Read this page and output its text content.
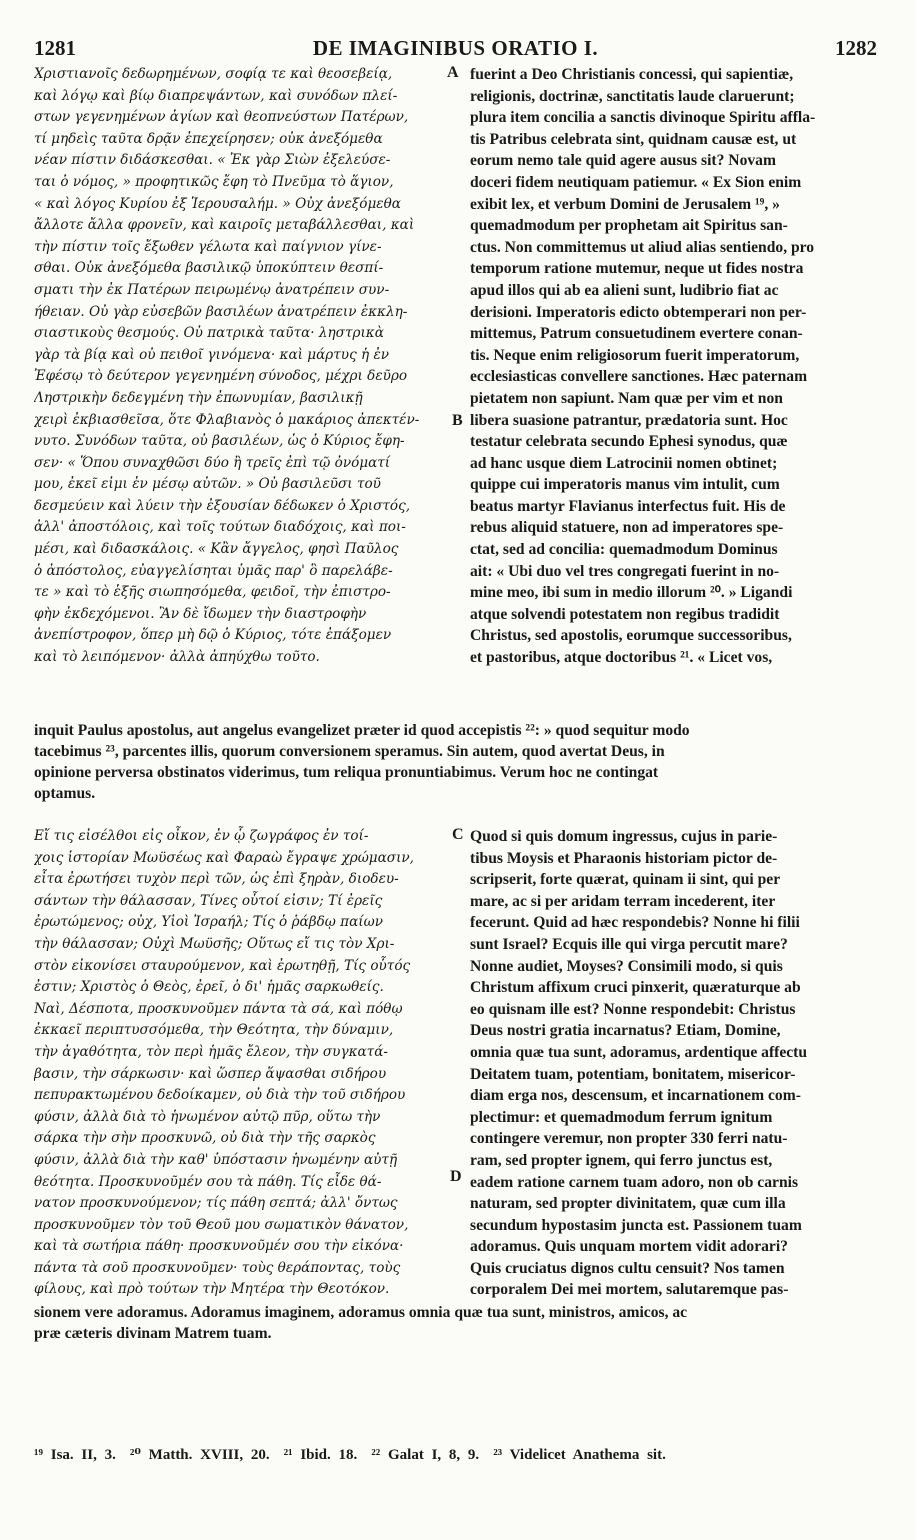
1281	DE IMAGINIBUS ORATIO I.	1282
Χριστιανοῖς δεδωρημένων, σοφίᾳ τε καὶ θεοσεβείᾳ,
καὶ λόγῳ καὶ βίῳ διαπρεψάντων, καὶ συνόδων πλεί-
στων γεγενημένων ἁγίων καὶ θεοπνεύστων Πατέρων,
τί μηδεὶς ταῦτα δρᾷν ἐπεχείρησεν; οὐκ ἀνεξόμεθα
νέαν πίστιν διδάσκεσθαι. « Ἐκ γὰρ Σιὼν ἐξελεύσε-
ται ὁ νόμος, » προφητικῶς ἔφη τὸ Πνεῦμα τὸ ἅγιον,
« καὶ λόγος Κυρίου ἐξ Ἱερουσαλήμ. » Οὐχ ἀνεξόμεθα
ἄλλοτε ἄλλα φρονεῖν, καὶ καιροῖς μεταβάλλεσθαι, καὶ
τὴν πίστιν τοῖς ἔξωθεν γέλωτα καὶ παίγνιον γίνε-
σθαι. Οὐκ ἀνεξόμεθα βασιλικῷ ὑποκύπτειν θεσπί-
σματι τὴν ἐκ Πατέρων πειρωμένῳ ἀνατρέπειν συν-
ήθειαν. Οὐ γὰρ εὐσεβῶν βασιλέων ἀνατρέπειν ἐκκλη-
σιαστικοὺς θεσμούς. Οὐ πατρικὰ ταῦτα· ληστρικὰ
γὰρ τὰ βίᾳ καὶ οὐ πειθοῖ γινόμενα· καὶ μάρτυς ἡ ἐν
Ἐφέσῳ τὸ δεύτερον γεγενημένη σύνοδος, μέχρι δεῦρο
Ληστρικὴν δεδεγμένη τὴν ἐπωνυμίαν, βασιλικῇ
χειρὶ ἐκβιασθεῖσα, ὅτε Φλαβιανὸς ὁ μακάριος ἀπεκτέν-
νυτο. Συνόδων ταῦτα, οὐ βασιλέων, ὡς ὁ Κύριος ἔφη-
σεν· « Ὅπου συναχθῶσι δύο ἢ τρεῖς ἐπὶ τῷ ὀνόματί
μου, ἐκεῖ εἰμι ἐν μέσῳ αὐτῶν. » Οὐ βασιλεῦσι τοῦ
δεσμεύειν καὶ λύειν τὴν ἐξουσίαν δέδωκεν ὁ Χριστός,
ἀλλ' ἀποστόλοις, καὶ τοῖς τούτων διαδόχοις, καὶ ποι-
μέσι, καὶ διδασκάλοις. « Κἂν ἄγγελος, φησὶ Παῦλος
ὁ ἀπόστολος, εὐαγγελίσηται ὑμᾶς παρ' ὃ παρελάβε-
τε » καὶ τὸ ἑξῆς σιωπησόμεθα, φειδοῖ, τὴν ἐπιστρο-
φὴν ἐκδεχόμενοι. Ἂν δὲ ἴδωμεν τὴν διαστροφὴν
ἀνεπίστροφον, ὅπερ μὴ δῷ ὁ Κύριος, τότε ἐπάξομεν
καὶ τὸ λειπόμενον· ἀλλὰ ἀπηύχθω τοῦτο.
fuerint a Deo Christianis concessi, qui sapientiæ,
religionis, doctrinæ, sanctitatis laude claruerunt;
plura item concilia a sanctis divinoque Spiritu afflа-
tis Patribus celebrata sint, quidnam causæ est, ut
eorum nemo tale quid agere ausus sit? Novam
doceri fidem neutiquam patiemur. « Ex Sion enim
exibit lex, et verbum Domini de Jerusalem ¹⁹, »
quemadmodum per prophetam ait Spiritus san-
ctus. Non committemus ut aliud alias sentiendo, pro
temporum ratione mutemur, neque ut fides nostra
apud illos qui ab ea alieni sunt, ludibrio fiat ac
derisioni. Imperatoris edicto obtemperari non per-
mittemus, Patrum consuetudinem evertere conan-
tis. Neque enim religiosorum fuerit imperatorum,
ecclesiasticas convellere sanctiones. Hæc paternam
pietatem non sapiunt. Nam quæ per vim et non
libera suasione patrantur, prædatoria sunt. Hoc
testatur celebrata secundo Ephesi synodus, quæ
ad hanc usque diem Latrocinii nomen obtinet;
quippe cui imperatoris manus vim intulit, cum
beatus martyr Flavianus interfectus fuit. His de
rebus aliquid statuere, non ad imperatores spe-
ctat, sed ad concilia: quemadmodum Dominus
ait: « Ubi duo vel tres congregati fuerint in no-
mine meo, ibi sum in medio illorum ²⁰. » Ligandi
atque solvendi potestatem non regibus tradidit
Christus, sed apostolis, eorumque successoribus,
et pastoribus, atque doctoribus ²¹. « Licet vos,
A
B
inquit Paulus apostolus, aut angelus evangelizet præter id quod accepistis ²²: » quod sequitur modo
tacebimus ²³, parcentes illis, quorum conversionem speramus. Sin autem, quod avertat Deus, in
opinione perversa obstinatos viderimus, tum reliqua pronuntiabimus. Verum hoc ne contingat
optamus.
Εἴ τις εἰσέλθοι εἰς οἶκον, ἐν ᾧ ζωγράφος ἐν τοί-
χοις ἱστορίαν Μωϋσέως καὶ Φαραὼ ἔγραψε χρώμασιν,
εἶτα ἐρωτήσει τυχὸν περὶ τῶν, ὡς ἐπὶ ξηρὰν, διοδευ-
σάντων τὴν θάλασσαν, Τίνες οὗτοί εἰσιν; Τί ἐρεῖς
ἐρωτώμενος; οὐχ, Υἱοὶ Ἰσραήλ; Τίς ὁ ῥάβδῳ παίων
τὴν θάλασσαν; Οὐχὶ Μωϋσῆς; Οὕτως εἴ τις τὸν Χρι-
στὸν εἰκονίσει σταυρούμενον, καὶ ἐρωτηθῇ, Τίς οὗτός
ἐστιν; Χριστὸς ὁ Θεὸς, ἐρεῖ, ὁ δι' ἡμᾶς σαρκωθείς.
Ναὶ, Δέσποτα, προσκυνοῦμεν πάντα τὰ σά, καὶ πόθῳ
ἐκκαεῖ περιπτυσσόμεθα, τὴν Θεότητα, τὴν δύναμιν,
τὴν ἀγαθότητα, τὸν περὶ ἡμᾶς ἔλεον, τὴν συγκατά-
βασιν, τὴν σάρκωσιν· καὶ ὥσπερ ἅψασθαι σιδήρου
πεπυρακτωμένου δεδοίκαμεν, οὐ διὰ τὴν τοῦ σιδήρου
φύσιν, ἀλλὰ διὰ τὸ ἡνωμένον αὐτῷ πῦρ, οὕτω τὴν
σάρκα τὴν σὴν προσκυνῶ, οὐ διὰ τὴν τῆς σαρκὸς
φύσιν, ἀλλὰ διὰ τὴν καθ' ὑπόστασιν ἡνωμένην αὐτῇ
θεότητα. Προσκυνοῦμέν σου τὰ πάθη. Τίς εἶδε θά-
νατον προσκυνούμενον; τίς πάθη σεπτά; ἀλλ' ὄντως
προσκυνοῦμεν τὸν τοῦ Θεοῦ μου σωματικὸν θάνατον,
καὶ τὰ σωτήρια πάθη· προσκυνοῦμέν σου τὴν εἰκόνα·
πάντα τὰ σοῦ προσκυνοῦμεν· τοὺς θεράποντας, τοὺς
φίλους, καὶ πρὸ τούτων τὴν Μητέρα τὴν Θεοτόκον.
Quod si quis domum ingressus, cujus in parie-
tibus Moysis et Pharaonis historiam pictor de-
scripserit, forte quærat, quinam ii sint, qui per
mare, ac si per aridam terram incederent, iter
fecerunt. Quid ad hæc respondebis? Nonne hi filii
sunt Israel? Ecquis ille qui virga percutit mare?
Nonne audiet, Moyses? Consimili modo, si quis
Christum affixum cruci pinxerit, quæraturque ab
eo quisnam ille est? Nonne respondebit: Christus
Deus nostri gratia incarnatus? Etiam, Domine,
omnia quæ tua sunt, adoramus, ardentique affectu
Deitatem tuam, potentiam, bonitatem, misericor-
diam erga nos, descensum, et incarnationem com-
plectimur: et quemadmodum ferrum ignitum
contingere veremur, non propter 330 ferri natu-
ram, sed propter ignem, qui ferro junctus est,
eadem ratione carnem tuam adoro, non ob carnis
naturam, sed propter divinitatem, quæ cum illa
secundum hypostasim juncta est. Passionem tuam
adoramus. Quis unquam mortem vidit adorari?
Quis cruciatus dignos cultu censuit? Nos tamen
corporalem Dei mei mortem, salutaremque pas-
C
D
sionem vere adoramus. Adoramus imaginem, adoramus omnia quæ tua sunt, ministros, amicos, ac
præ cæteris divinam Matrem tuam.
¹⁹ Isa. II, 3. ²⁰ Matth. XVIII, 20. ²¹ Ibid. 18. ²² Galat I, 8, 9. ²³ Videlicet Anathema sit.
